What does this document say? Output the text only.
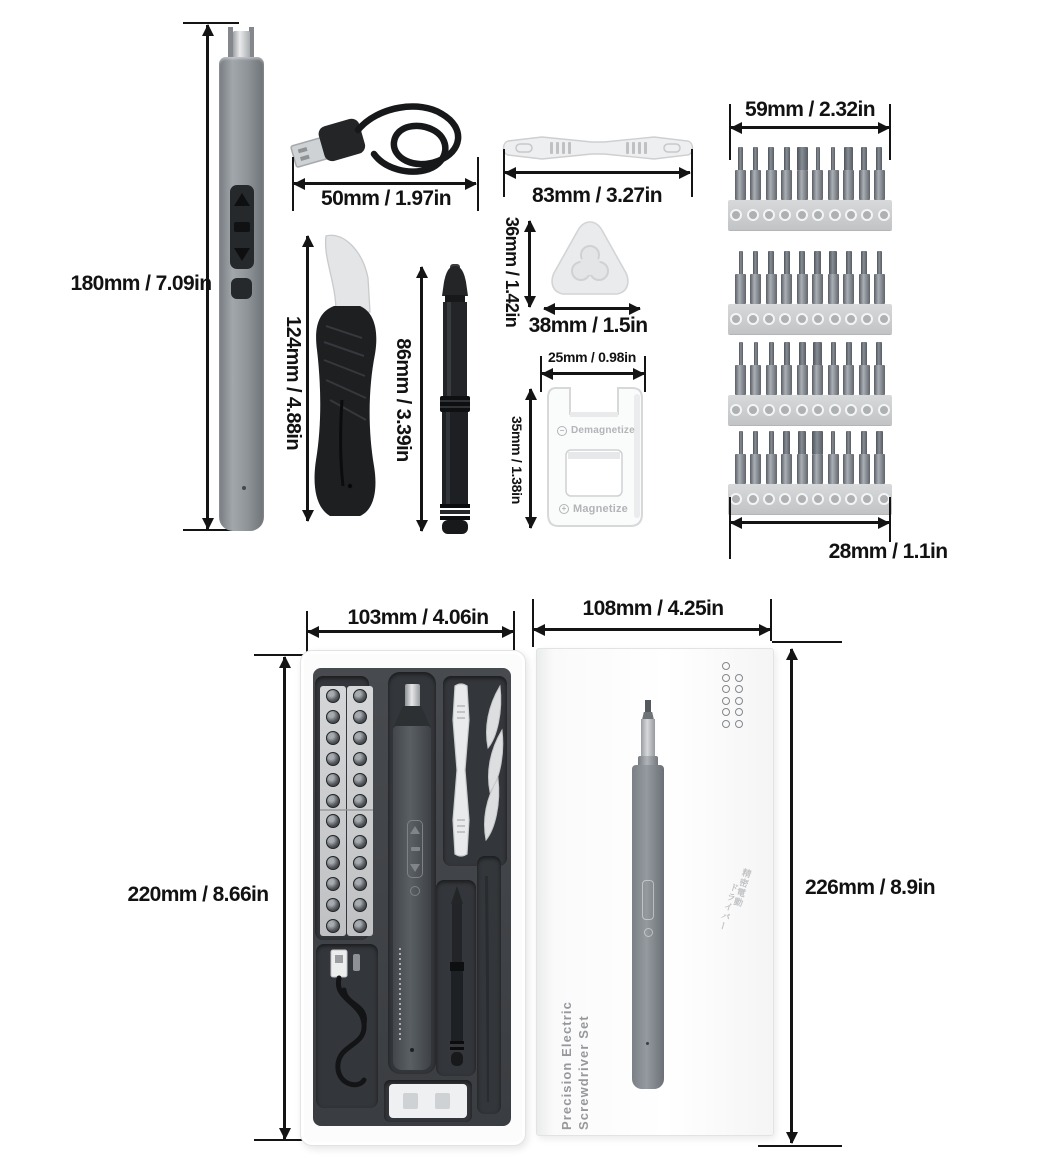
180mm / 7.09in
50mm / 1.97in	83mm / 3.27in
36mm / 1.42in 38mm / 1.5in
124mm / 4.88in	86mm / 3.39in	25mm / 0.98in
35mm / 1.38in	− Demagnetize
+ Magnetize
59mm / 2.32in
28mm / 1.1in
103mm / 4.06in
220mm / 8.66in
108mm / 4.25in
226mm / 8.9in
Precision Electric Screwdriver Set
精密電動
ドライバー
